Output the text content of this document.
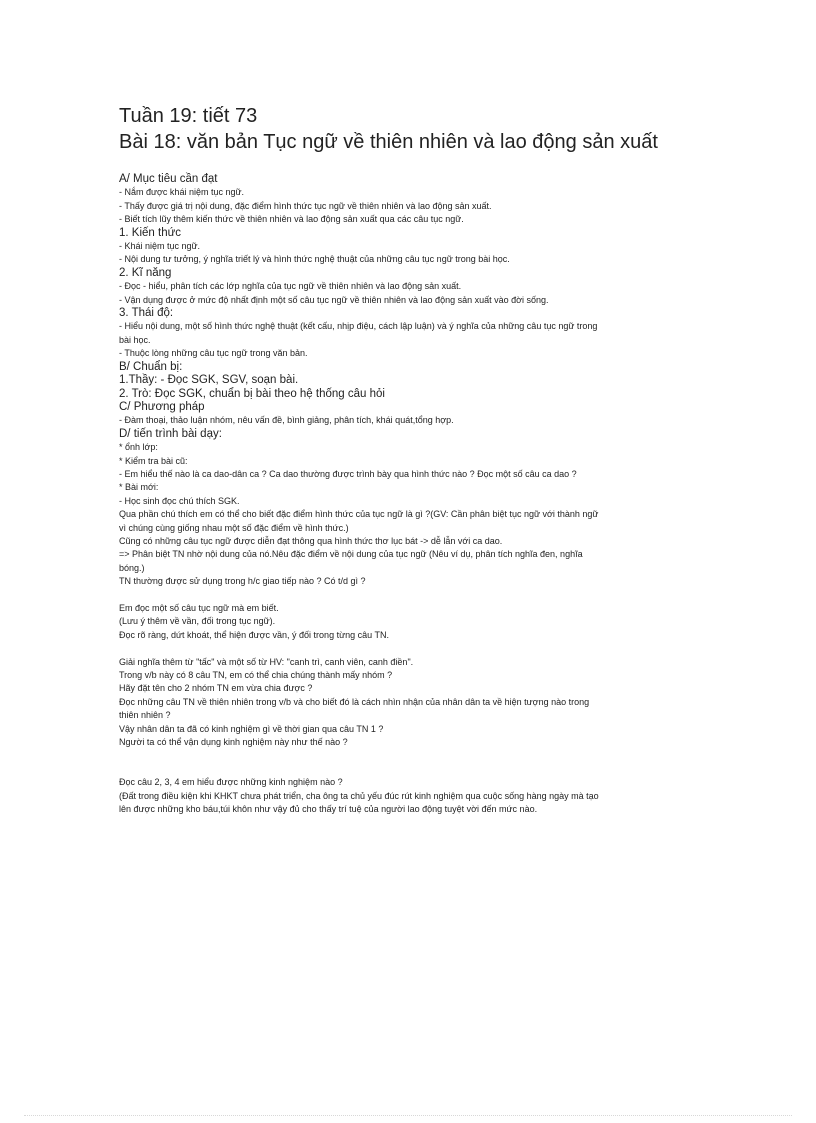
Tuần 19: tiết 73
Bài 18: văn bản Tục ngữ về thiên nhiên và lao động sản xuất
A/ Mục tiêu cần đạt
- Nắm được khái niệm tục ngữ.
- Thấy được giá trị nội dung, đặc điểm hình thức tục ngữ về thiên nhiên và lao động sản xuất.
- Biết tích lũy thêm kiến thức về thiên nhiên và lao động sản xuất qua các câu tục ngữ.
1. Kiến thức
- Khái niệm tục ngữ.
- Nội dung tư tưởng, ý nghĩa triết lý và hình thức nghệ thuật của những câu tục ngữ trong bài học.
2. Kĩ năng
- Đọc - hiểu, phân tích các lớp nghĩa của tục ngữ về thiên nhiên và lao động sản xuất.
- Vận dụng được ở mức độ nhất định một số câu tục ngữ về thiên nhiên và lao động sản xuất vào đời sống.
3. Thái độ:
- Hiểu nội dung, một số hình thức nghệ thuật (kết cấu, nhịp điệu, cách lập luận) và ý nghĩa của những câu tục ngữ trong
bài học.
- Thuộc lòng những câu tục ngữ trong văn bản.
B/ Chuẩn bị:
1.Thầy: - Đọc SGK, SGV, soạn bài.
2. Trò: Đọc SGK, chuẩn bị bài theo hệ thống câu hỏi
C/ Phương pháp
- Đàm thoại, thảo luận nhóm, nêu vấn đề, bình giảng, phân tích, khái quát,tổng hợp.
D/ tiến trình bài dạy:
* ổnh lớp:
* Kiểm tra bài cũ:
- Em hiểu thế nào là ca dao-dân ca ? Ca dao thường được trình bày qua hình thức nào ? Đọc một số câu ca dao ?
* Bài mới:
- Học sinh đọc chú thích SGK.
Qua phần chú thích em có thể cho biết đặc điểm hình thức của tục ngữ là gì ?(GV: Cần phân biệt tục ngữ với thành ngữ
vì chúng cùng giống nhau một số đặc điểm về hình thức.)
Cũng có những câu tục ngữ được diễn đạt thông qua hình thức thơ lục bát -> dễ lẫn với ca dao.
=> Phân biệt TN nhờ nội dung của nó.Nêu đặc điểm về nội dung của tục ngữ (Nêu ví dụ, phân tích nghĩa đen, nghĩa
bóng.)
TN thường được sử dụng trong h/c giao tiếp nào ? Có t/d gì ?
Em đọc một số câu tục ngữ mà em biết.
(Lưu ý thêm về vần, đối trong tục ngữ).
Đọc rõ ràng, dứt khoát, thể hiện được vần, ý đối trong từng câu TN.
Giải nghĩa thêm từ "tấc" và một số từ HV: "canh trì, canh viên, canh điền".
Trong v/b này có 8 câu TN, em có thể chia chúng thành mấy nhóm ?
Hãy đặt tên cho 2 nhóm TN em vừa chia được ?
Đọc những câu TN về thiên nhiên trong v/b và cho biết đó là cách nhìn nhận của nhân dân ta về hiện tượng nào trong
thiên nhiên ?
Vậy nhân dân ta đã có kinh nghiệm gì về thời gian qua câu TN 1 ?
Người ta có thể vận dụng kinh nghiệm này như thế nào ?
Đọc câu 2, 3, 4 em hiểu được những kinh nghiệm nào ?
(Đất trong điều kiện khi KHKT chưa phát triển, cha ông ta chủ yếu đúc rút kinh nghiệm qua cuộc sống hàng ngày mà tạo
lên được những kho báu,túi khôn như vậy đủ cho thấy trí tuệ của người lao động tuyệt vời đến mức nào.
